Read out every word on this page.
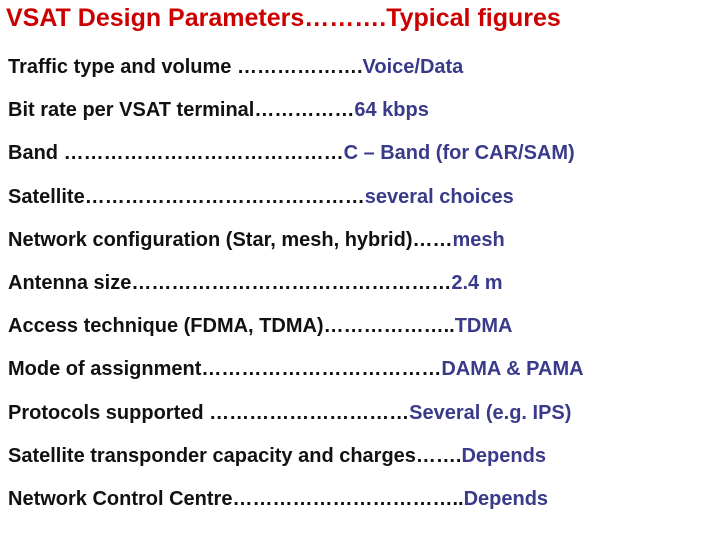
VSAT Design Parameters……….Typical figures
Traffic type and volume ……………….Voice/Data
Bit rate per VSAT terminal……………64 kbps
Band ……………………………………C – Band (for CAR/SAM)
Satellite……………………………………several choices
Network configuration (Star, mesh, hybrid)……mesh
Antenna size…………………………………………2.4 m
Access technique (FDMA, TDMA)………………..TDMA
Mode of assignment………………………………DAMA & PAMA
Protocols supported …………………………Several (e.g. IPS)
Satellite transponder capacity and charges…….Depends
Network Control Centre……………………………..Depends
